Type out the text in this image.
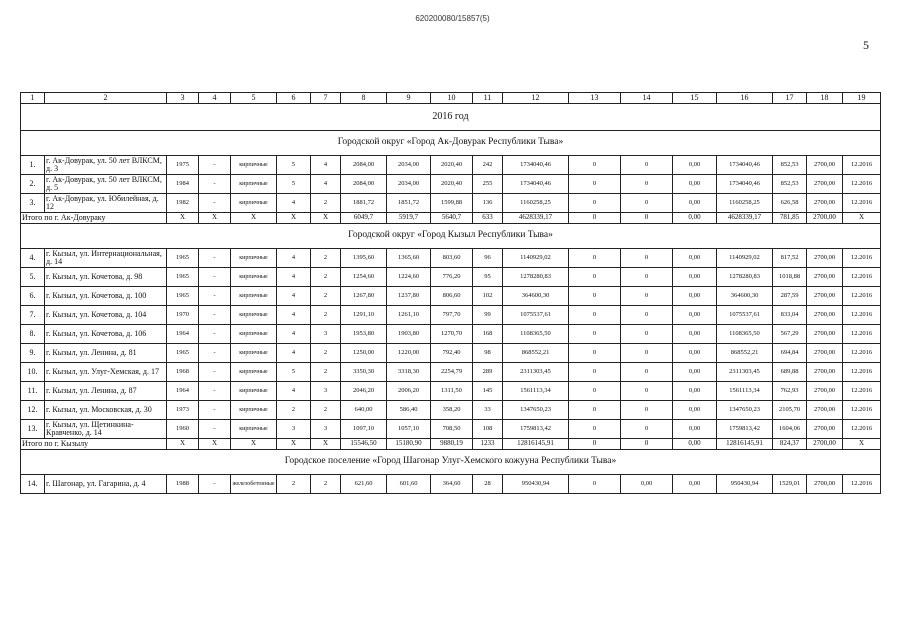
620200080/15857(5)
5
1	2	3	4	5	6	7	8	9	10	11	12	13	14	15	16	17	18	19
2016 год																		
Городской округ «Город Ак-Довурак Республики Тыва»																		
1.	г. Ак-Довурак, ул. 50 лет ВЛКСМ, д. 3	1975	-	кирпичные	5	4	2084,00	2034,00	2020,40	242	1734040,46	0	0	0,00	1734040,46	852,53	2700,00	12.2016
2.	г. Ак-Довурак, ул. 50 лет ВЛКСМ, д. 5	1984	-	кирпичные	5	4	2084,00	2034,00	2020,40	255	1734040,46	0	0	0,00	1734040,46	852,53	2700,00	12.2016
3.	г. Ак-Довурак, ул. Юбилейная, д. 12	1982	-	кирпичные	4	2	1881,72	1851,72	1599,88	136	1160258,25	0	0	0,00	1160258,25	626,58	2700,00	12.2016
Итого по г. Ак-Довураку		X	X	X	X	X	6049,7	5919,7	5640,7	633	4628339,17	0	0	0,00	4628339,17	781,85	2700,00	X
Городской округ «Город Кызыл Республики Тыва»																		
4.	г. Кызыл, ул. Интернациональная, д. 14	1965	-	кирпичные	4	2	1395,60	1365,60	803,60	96	1140929,02	0	0	0,00	1140929,02	817,52	2700,00	12.2016
5.	г. Кызыл, ул. Кочетова, д. 98	1965	-	кирпичные	4	2	1254,60	1224,60	776,20	95	1278280,83	0	0	0,00	1278280,83	1018,88	2700,00	12.2016
6.	г. Кызыл, ул. Кочетова, д. 100	1965	-	кирпичные	4	2	1267,80	1237,80	806,60	102	364600,30	0	0	0,00	364600,30	287,59	2700,00	12.2016
7.	г. Кызыл, ул. Кочетова, д. 104	1970	-	кирпичные	4	2	1291,10	1261,10	797,70	99	1075537,61	0	0	0,00	1075537,61	833,04	2700,00	12.2016
8.	г. Кызыл, ул. Кочетова, д. 106	1964	-	кирпичные	4	3	1953,80	1903,80	1270,70	168	1108365,50	0	0	0,00	1108365,50	567,29	2700,00	12.2016
9.	г. Кызыл, ул. Ленина, д. 81	1965	-	кирпичные	4	2	1250,00	1220,00	792,40	98	868552,21	0	0	0,00	868552,21	694,84	2700,00	12.2016
10.	г. Кызыл, ул. Улуг-Хемская, д. 17	1968	-	кирпичные	5	2	3350,30	3318,30	2254,79	289	2311303,45	0	0	0,00	2311303,45	689,88	2700,00	12.2016
11.	г. Кызыл, ул. Ленина, д. 87	1964	-	кирпичные	4	3	2046,20	2006,20	1311,50	145	1561113,34	0	0	0,00	1561113,34	762,93	2700,00	12.2016
12.	г. Кызыл, ул. Московская, д. 30	1973	-	кирпичные	2	2	640,00	586,40	358,20	33	1347650,23	0	0	0,00	1347650,23	2105,70	2700,00	12.2016
13.	г. Кызыл, ул. Щетинкина-Кравченко, д. 14	1960	-	кирпичные	3	3	1097,10	1057,10	708,50	108	1759813,42	0	0	0,00	1759813,42	1604,06	2700,00	12.2016
Итого по г. Кызылу		X	X	X	X	X	15546,50	15180,90	9880,19	1233	12816145,91	0	0	0,00	12816145,91	824,37	2700,00	X
Городское поселение «Город Шагонар Улуг-Хемского кожууна Республики Тыва»																		
14.	г. Шагонар, ул. Гагарина, д. 4	1988	-	железобетонные	2	2	621,60	601,60	364,60	28	950430,94	0	0,00	0,00	950430,94	1529,01	2700,00	12.2016
